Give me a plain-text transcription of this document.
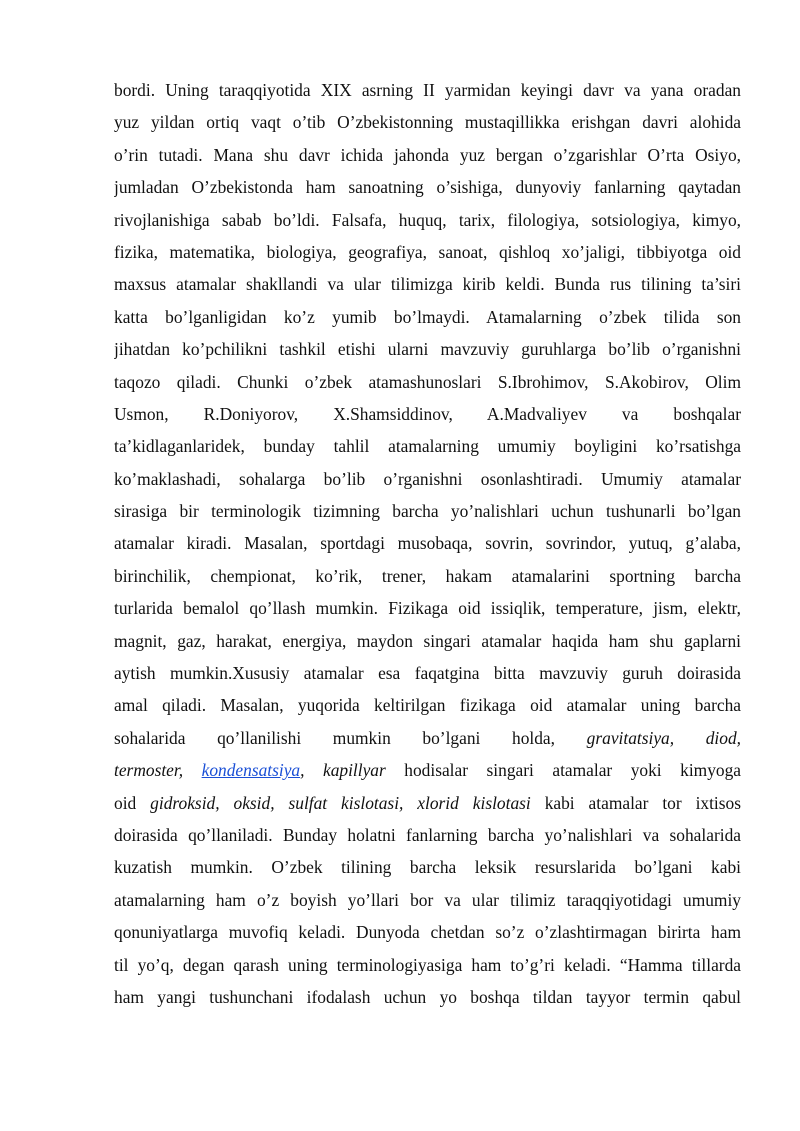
bordi. Uning taraqqiyotida XIX asrning II yarmidan keyingi davr va yana oradan
yuz yildan ortiq vaqt o’tib O’zbekistonning mustaqillikka erishgan davri alohida
o’rin tutadi. Mana shu davr ichida jahonda yuz bergan o’zgarishlar O’rta Osiyo,
jumladan O’zbekistonda ham sanoatning o’sishiga, dunyoviy fanlarning qaytadan
rivojlanishiga sabab bo’ldi. Falsafa, huquq, tarix, filologiya, sotsiologiya, kimyo,
fizika, matematika, biologiya, geografiya, sanoat, qishloq xo’jaligi, tibbiyotga oid
maxsus atamalar shakllandi va ular tilimizga kirib keldi. Bunda rus tilining ta’siri
katta bo’lganligidan ko’z yumib bo’lmaydi. Atamalarning o’zbek tilida son
jihatdan ko’pchilikni tashkil etishi ularni mavzuviy guruhlarga bo’lib o’rganishni
taqozo qiladi. Chunki o’zbek atamashunoslari S.Ibrohimov, S.Akobirov, Olim
Usmon, R.Doniyorov, X.Shamsiddinov, A.Madvaliyev va boshqalar
ta’kidlaganlaridek, bunday tahlil atamalarning umumiy boyligini ko’rsatishga
ko’maklashadi, sohalarga bo’lib o’rganishni osonlashtiradi. Umumiy atamalar
sirasiga bir terminologik tizimning barcha yo’nalishlari uchun tushunarli bo’lgan
atamalar kiradi. Masalan, sportdagi musobaqa, sovrin, sovrindor, yutuq, g’alaba,
birinchilik, chempionat, ko’rik, trener, hakam atamalarini sportning barcha
turlarida bemalol qo’llash mumkin. Fizikaga oid issiqlik, temperature, jism, elektr,
magnit, gaz, harakat, energiya, maydon singari atamalar haqida ham shu gaplarni
aytish mumkin.Xususiy atamalar esa faqatgina bitta mavzuviy guruh doirasida
amal qiladi. Masalan, yuqorida keltirilgan fizikaga oid atamalar uning barcha
sohalarida qo’llanilishi mumkin bo’lgani holda, gravitatsiya, diod,
termoster, kondensatsiya, kapillyar hodisalar singari atamalar yoki kimyoga
oid gidroksid, oksid, sulfat kislotasi, xlorid kislotasi kabi atamalar tor ixtisos
doirasida qo’llaniladi. Bunday holatni fanlarning barcha yo’nalishlari va sohalarida
kuzatish mumkin. O’zbek tilining barcha leksik resurslarida bo’lgani kabi
atamalarning ham o’z boyish yo’llari bor va ular tilimiz taraqqiyotidagi umumiy
qonuniyatlarga muvofiq keladi. Dunyoda chetdan so’z o’zlashtirmagan birirta ham
til yo’q, degan qarash uning terminologiyasiga ham to’g’ri keladi. “Hamma tillarda
ham yangi tushunchani ifodalash uchun yo boshqa tildan tayyor termin qabul
